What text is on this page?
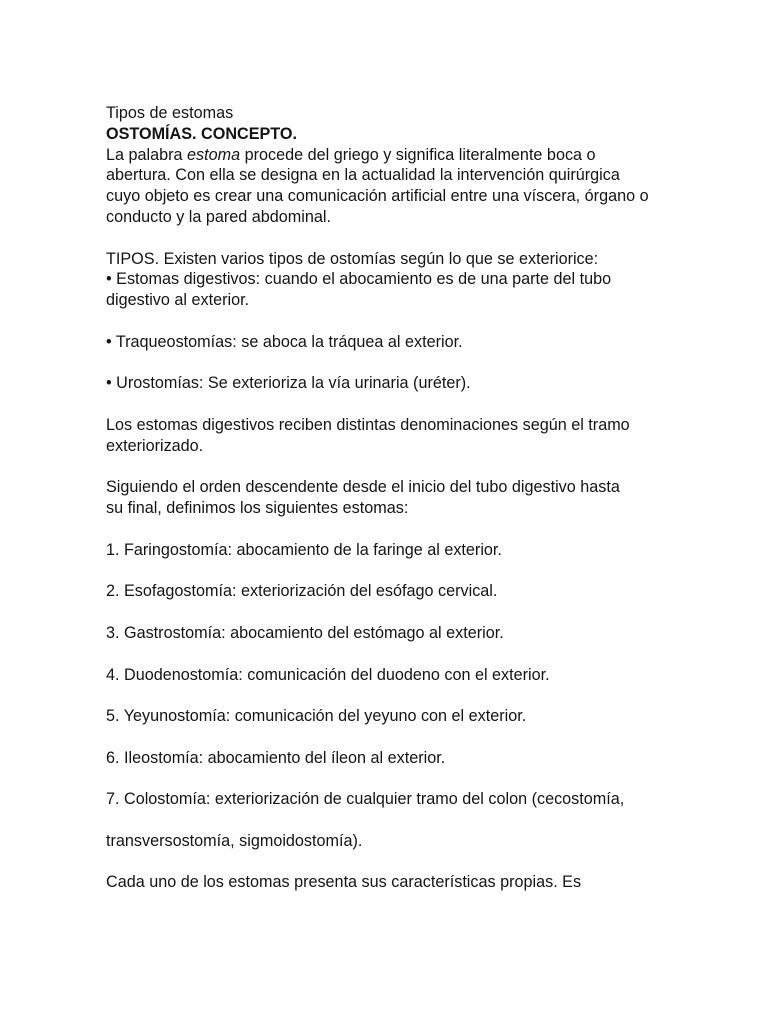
Tipos de estomas

OSTOMÍAS. CONCEPTO.

La palabra estoma procede del griego y significa literalmente boca o abertura. Con ella se designa en la actualidad la intervención quirúrgica cuyo objeto es crear una comunicación artificial entre una víscera, órgano o conducto y la pared abdominal.

TIPOS. Existen varios tipos de ostomías según lo que se exteriorice:

• Estomas digestivos: cuando el abocamiento es de una parte del tubo digestivo al exterior.

• Traqueostomías: se aboca la tráquea al exterior.

• Urostomías: Se exterioriza la vía urinaria (uréter).

Los estomas digestivos reciben distintas denominaciones según el tramo exteriorizado.

Siguiendo el orden descendente desde el inicio del tubo digestivo hasta su final, definimos los siguientes estomas:

1. Faringostomía: abocamiento de la faringe al exterior.

2. Esofagostomía: exteriorización del esófago cervical.

3. Gastrostomía: abocamiento del estómago al exterior.

4. Duodenostomía: comunicación del duodeno con el exterior.

5. Yeyunostomía: comunicación del yeyuno con el exterior.

6. Ileostomía: abocamiento del íleon al exterior.

7. Colostomía: exteriorización de cualquier tramo del colon (cecostomía,

transversostomía, sigmoidostomía).

Cada uno de los estomas presenta sus características propias. Es
